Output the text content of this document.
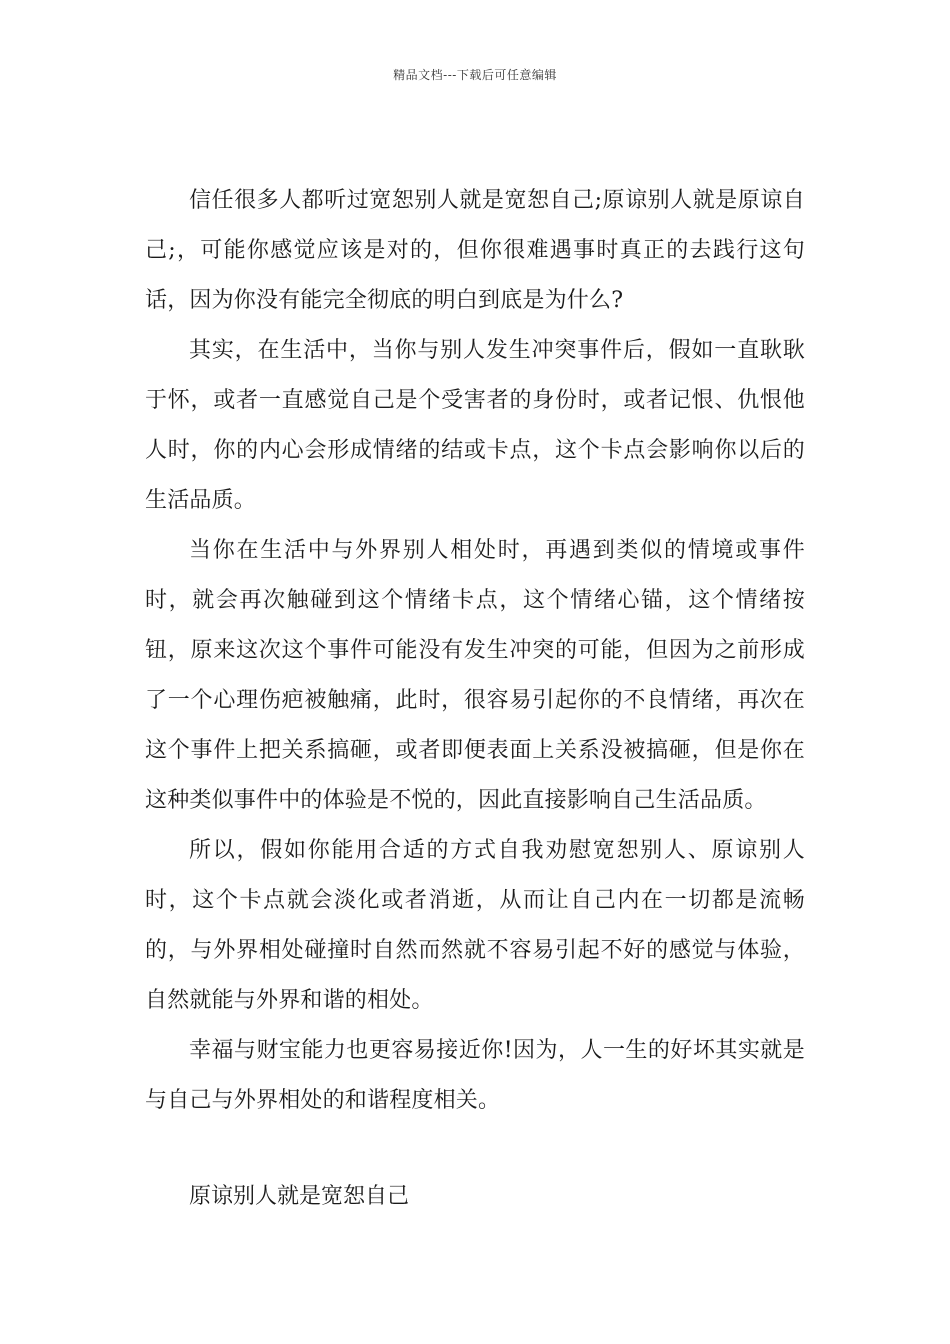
精品文档---下载后可任意编辑

信任很多人都听过宽恕别人就是宽恕自己;原谅别人就是原谅自己;，可能你感觉应该是对的，但你很难遇事时真正的去践行这句话，因为你没有能完全彻底的明白到底是为什么?

其实，在生活中，当你与别人发生冲突事件后，假如一直耿耿于怀，或者一直感觉自己是个受害者的身份时，或者记恨、仇恨他人时，你的内心会形成情绪的结或卡点，这个卡点会影响你以后的生活品质。

当你在生活中与外界别人相处时，再遇到类似的情境或事件时，就会再次触碰到这个情绪卡点，这个情绪心锚，这个情绪按钮，原来这次这个事件可能没有发生冲突的可能，但因为之前形成了一个心理伤疤被触痛，此时，很容易引起你的不良情绪，再次在这个事件上把关系搞砸，或者即便表面上关系没被搞砸，但是你在这种类似事件中的体验是不悦的，因此直接影响自己生活品质。

所以，假如你能用合适的方式自我劝慰宽恕别人、原谅别人时，这个卡点就会淡化或者消逝，从而让自己内在一切都是流畅的，与外界相处碰撞时自然而然就不容易引起不好的感觉与体验，自然就能与外界和谐的相处。

幸福与财宝能力也更容易接近你!因为，人一生的好坏其实就是与自己与外界相处的和谐程度相关。

原谅别人就是宽恕自己
